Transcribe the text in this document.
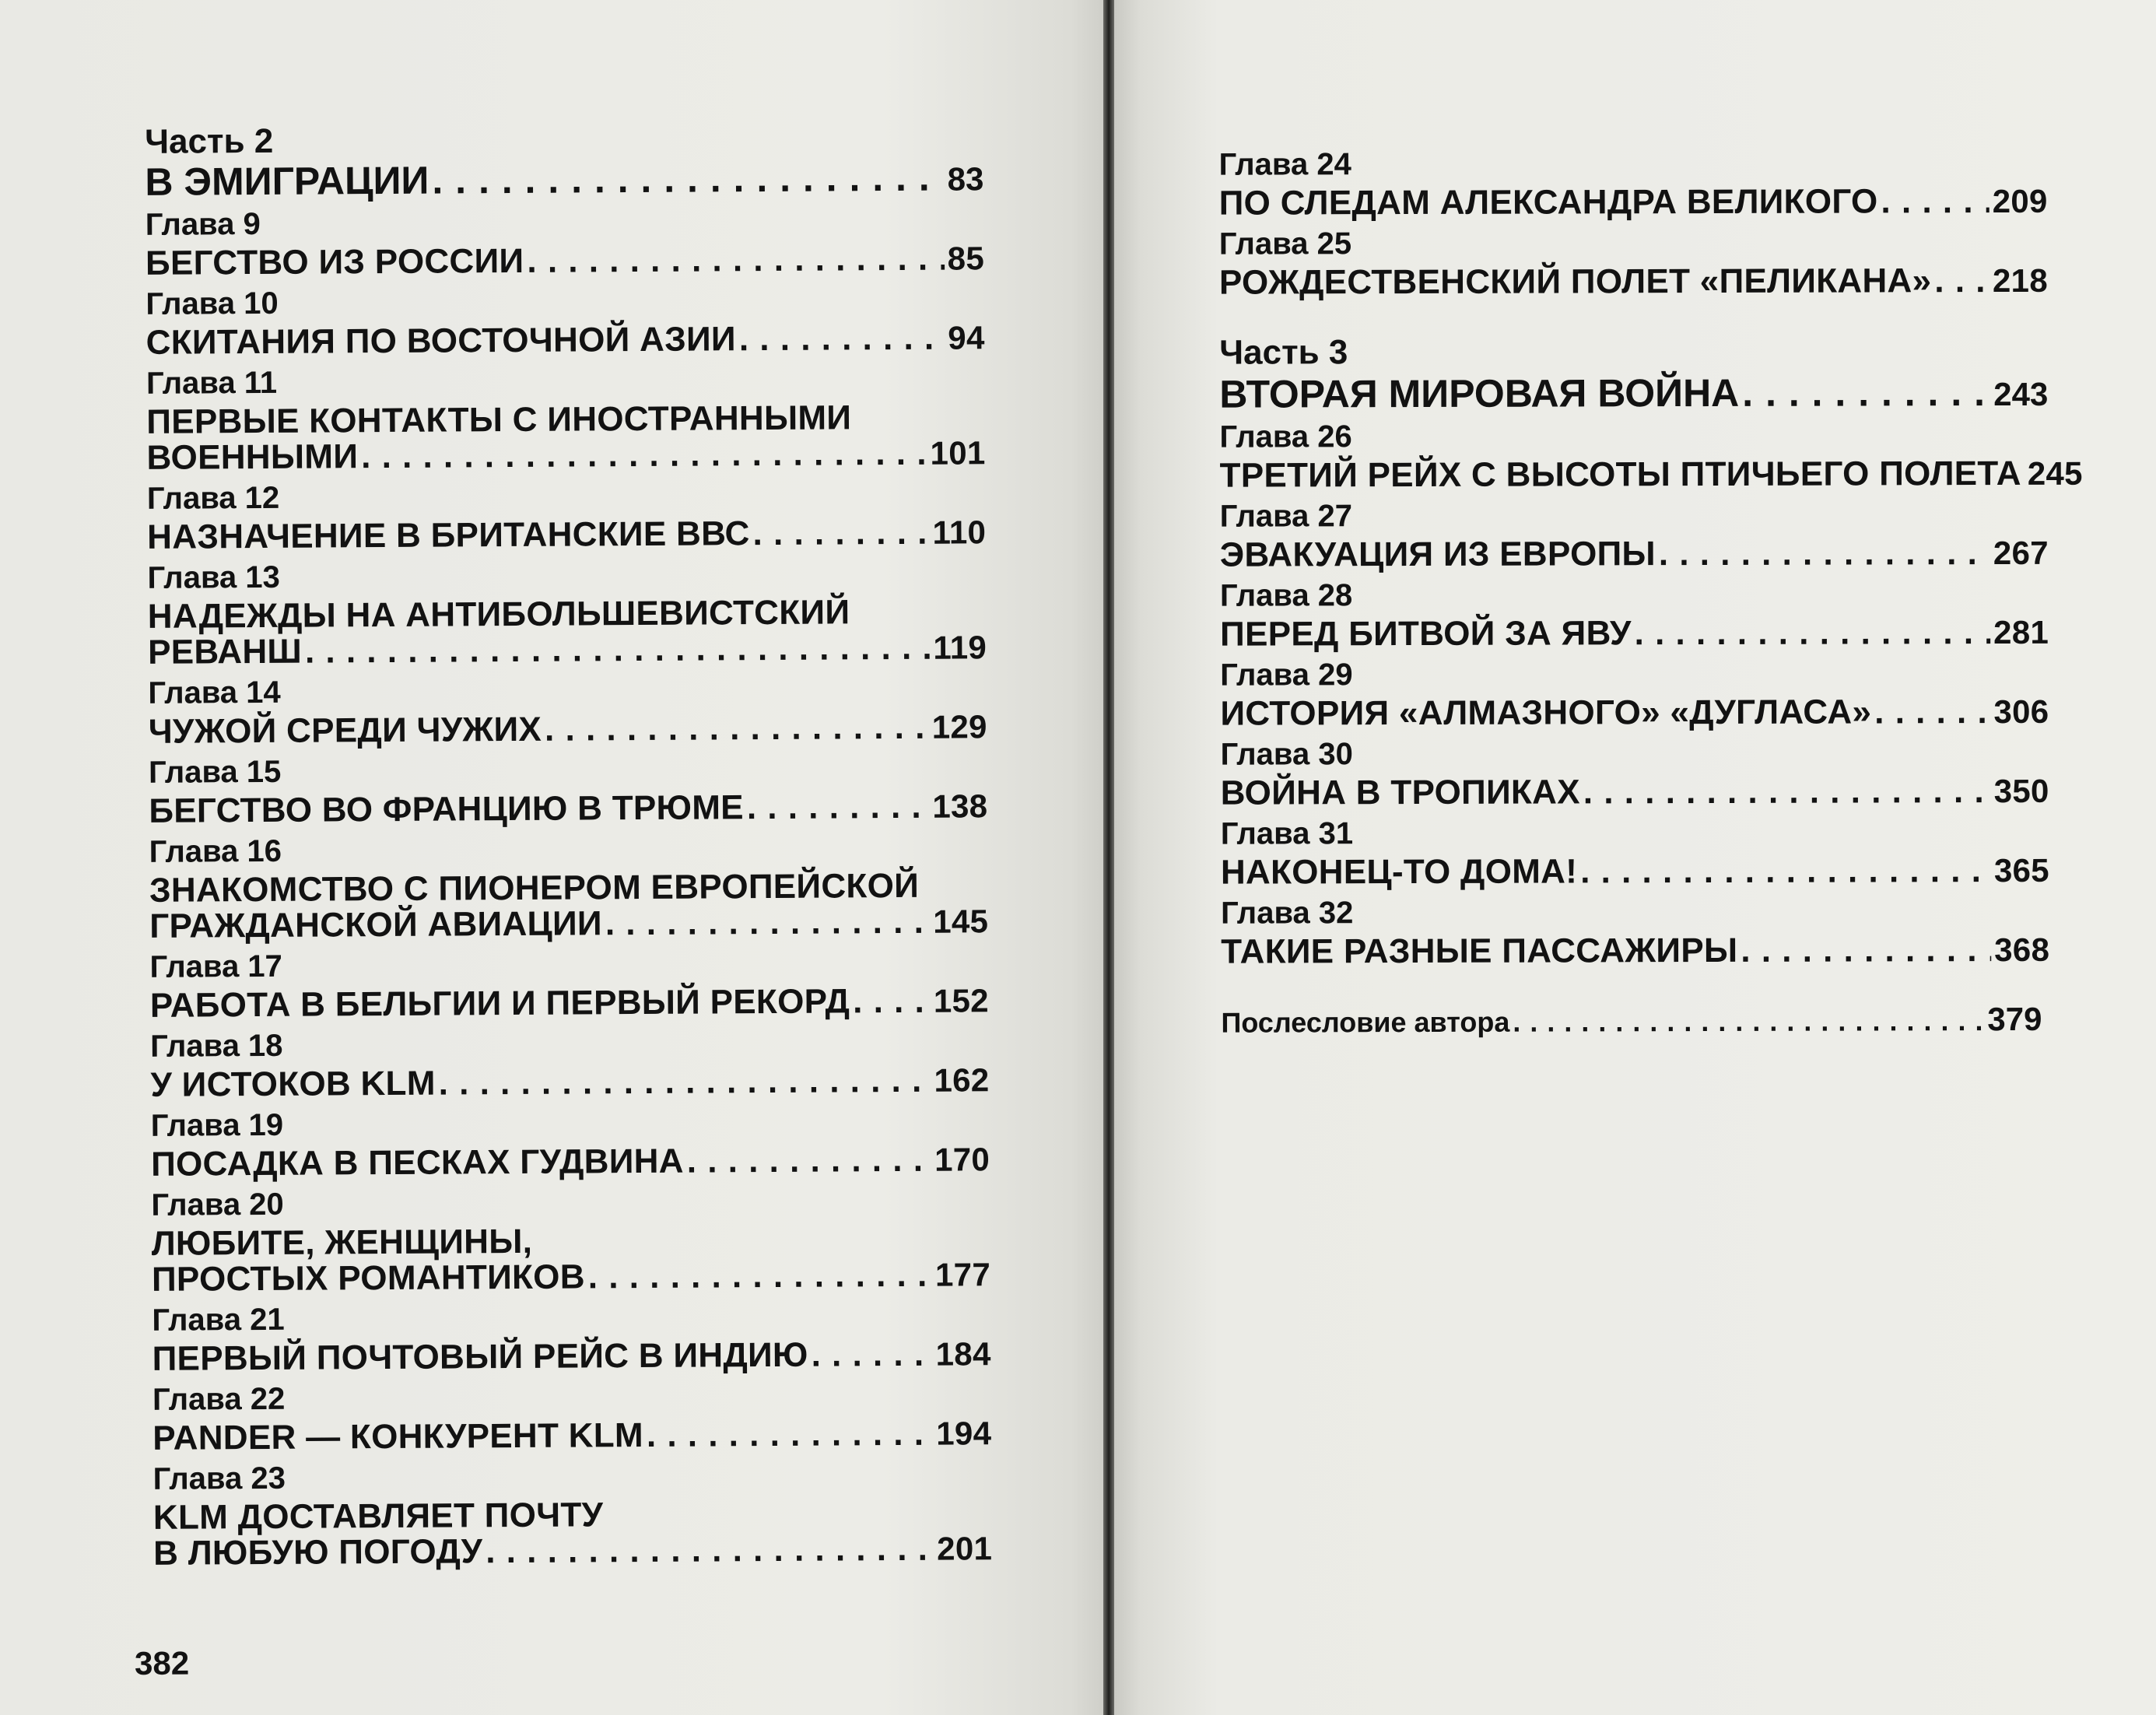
Часть 2
В ЭМИГРАЦИИ . . .	83
Глава 9
БЕГСТВО ИЗ РОССИИ . . .	85
Глава 10
СКИТАНИЯ ПО ВОСТОЧНОЙ АЗИИ . . .	94
Глава 11
ПЕРВЫЕ КОНТАКТЫ С ИНОСТРАННЫМИ
ВОЕННЫМИ . . .	101
Глава 12
НАЗНАЧЕНИЕ В БРИТАНСКИЕ ВВС . . .	110
Глава 13
НАДЕЖДЫ НА АНТИБОЛЬШЕВИСТСКИЙ
РЕВАНШ . . .	119
Глава 14
ЧУЖОЙ СРЕДИ ЧУЖИХ . . .	129
Глава 15
БЕГСТВО ВО ФРАНЦИЮ В ТРЮМЕ . . .	138
Глава 16
ЗНАКОМСТВО С ПИОНЕРОМ ЕВРОПЕЙСКОЙ
ГРАЖДАНСКОЙ АВИАЦИИ . . .	145
Глава 17
РАБОТА В БЕЛЬГИИ И ПЕРВЫЙ РЕКОРД . . .	152
Глава 18
У ИСТОКОВ KLM . . .	162
Глава 19
ПОСАДКА В ПЕСКАХ ГУДВИНА . . .	170
Глава 20
ЛЮБИТЕ, ЖЕНЩИНЫ,
ПРОСТЫХ РОМАНТИКОВ . . .	177
Глава 21
ПЕРВЫЙ ПОЧТОВЫЙ РЕЙС В ИНДИЮ . . .	184
Глава 22
PANDER — КОНКУРЕНТ KLM . . .	194
Глава 23
KLM ДОСТАВЛЯЕТ ПОЧТУ
В ЛЮБУЮ ПОГОДУ . . .	201
382
Глава 24
ПО СЛЕДАМ АЛЕКСАНДРА ВЕЛИКОГО . . .	209
Глава 25
РОЖДЕСТВЕНСКИЙ ПОЛЕТ «ПЕЛИКАНА» . . . 218
Часть 3
ВТОРАЯ МИРОВАЯ ВОЙНА . . .	243
Глава 26
ТРЕТИЙ РЕЙХ С ВЫСОТЫ ПТИЧЬЕГО ПОЛЕТА . . . 245
Глава 27
ЭВАКУАЦИЯ ИЗ ЕВРОПЫ . . .	267
Глава 28
ПЕРЕД БИТВОЙ ЗА ЯВУ . . .	281
Глава 29
ИСТОРИЯ «АЛМАЗНОГО» «ДУГЛАСА» . . .	306
Глава 30
ВОЙНА В ТРОПИКАХ . . .	350
Глава 31
НАКОНЕЦ-ТО ДОМА! . . .	365
Глава 32
ТАКИЕ РАЗНЫЕ ПАССАЖИРЫ . . .	368
Послесловие автора . . .	379
